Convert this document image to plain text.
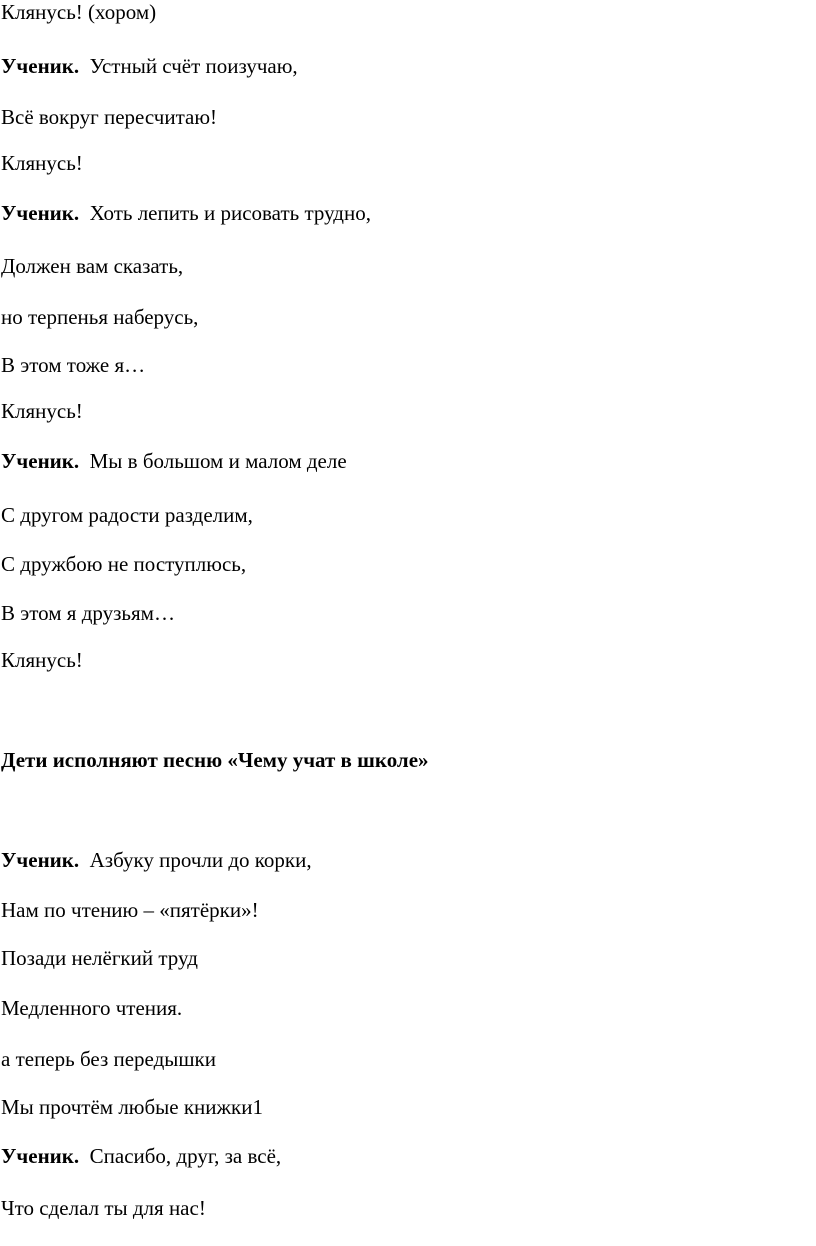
Клянусь! (хором)

Ученик.  Устный счёт поизучаю,

Всё вокруг пересчитаю!

Клянусь!

Ученик.  Хоть лепить и рисовать трудно,

Должен вам сказать,

но терпенья наберусь,

В этом тоже я…

Клянусь!

Ученик.  Мы в большом и малом деле

С другом радости разделим,

С дружбою не поступлюсь,

В этом я друзьям…

Клянусь!

Дети исполняют песню «Чему учат в школе»

Ученик.  Азбуку прочли до корки,

Нам по чтению – «пятёрки»!

Позади нелёгкий труд

Медленного чтения.

а теперь без передышки

Мы прочтём любые книжки1

Ученик.  Спасибо, друг, за всё,

Что сделал ты для нас!
